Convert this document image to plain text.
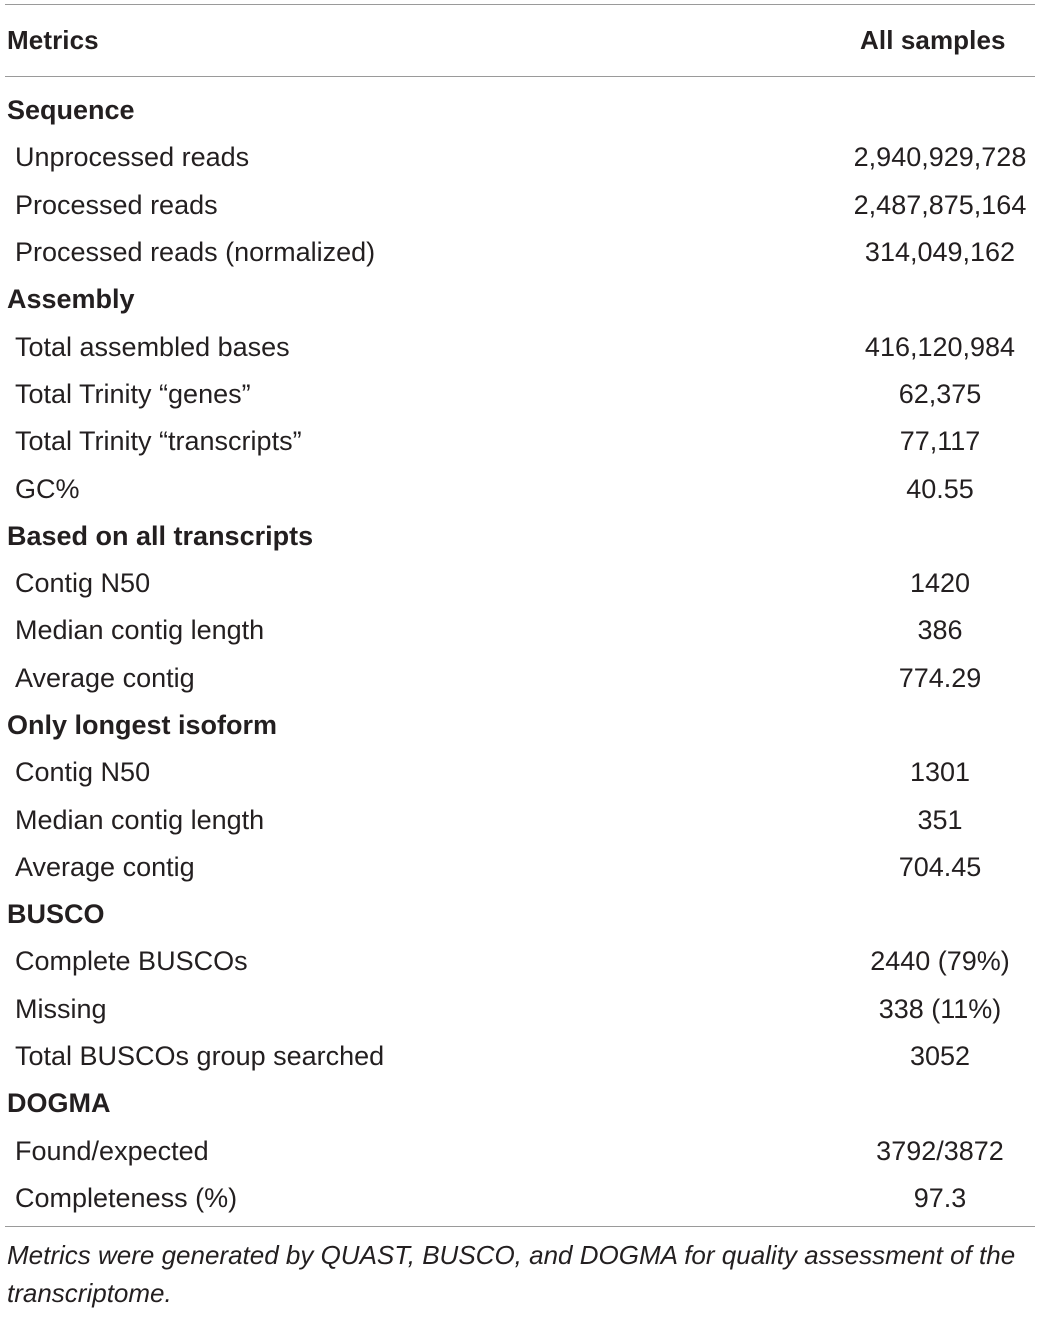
Metrics	All samples
Sequence
Unprocessed reads	2,940,929,728
Processed reads	2,487,875,164
Processed reads (normalized)	314,049,162
Assembly
Total assembled bases	416,120,984
Total Trinity “genes”	62,375
Total Trinity “transcripts”	77,117
GC%	40.55
Based on all transcripts
Contig N50	1420
Median contig length	386
Average contig	774.29
Only longest isoform
Contig N50	1301
Median contig length	351
Average contig	704.45
BUSCO
Complete BUSCOs	2440 (79%)
Missing	338 (11%)
Total BUSCOs group searched	3052
DOGMA
Found/expected	3792/3872
Completeness (%)	97.3
Metrics were generated by QUAST, BUSCO, and DOGMA for quality assessment of the transcriptome.
